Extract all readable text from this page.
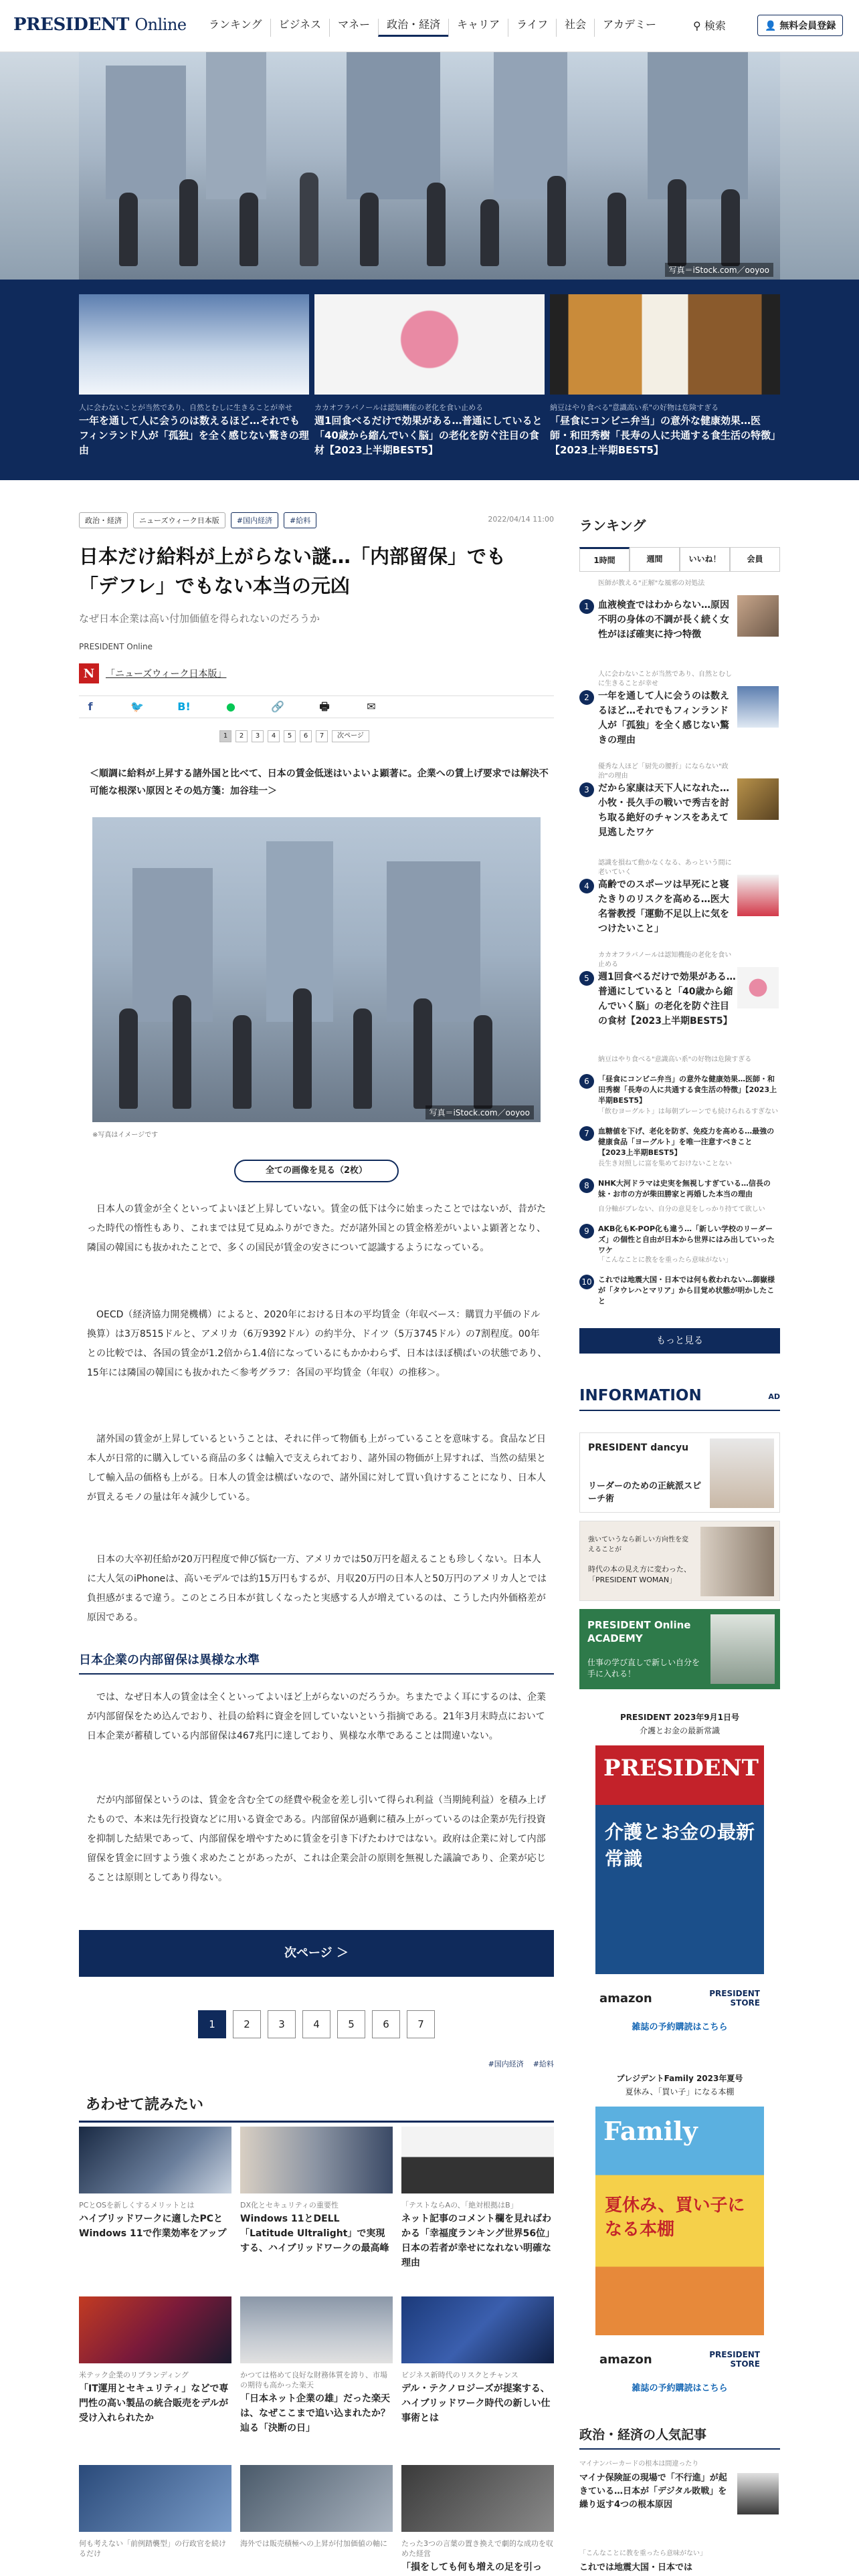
PRESIDENT Online	ランキング	ビジネス	マネー	政治・経済	キャリア	ライフ	社会	アカデミー	⚲ 検索	👤 無料会員登録
写真＝iStock.com／ooyoo
人に会わないことが当然であり、自然とむしに生きることが幸せ
一年を通して人に会うのは数えるほど…それでもフィンランド人が「孤独」を全く感じない驚きの理由
カカオフラバノールは認知機能の老化を食い止める
週1回食べるだけで効果がある…普通にしていると「40歳から縮んでいく脳」の老化を防ぐ注目の食材【2023上半期BEST5】
納豆はやり食べる"意識高い系"の好物は危険すぎる
「昼食にコンビニ弁当」の意外な健康効果…医師・和田秀樹「長寿の人に共通する食生活の特徴」【2023上半期BEST5】
政治・経済	ニューズウィーク日本版	#国内経済	#給料	2022/04/14 11:00
日本だけ給料が上がらない謎…「内部留保」でも
「デフレ」でもない本当の元凶
なぜ日本企業は高い付加価値を得られないのだろうか
PRESIDENT Online
N	「ニューズウィーク日本版」
f	🐦	B!	●	🔗	🖶	✉
1	2	3	4	5	6	7	次ページ
＜順調に給料が上昇する諸外国と比べて、日本の賃金低迷はいよいよ顕著に。企業への賃上げ要求では解決不可能な根深い原因とその処方箋：加谷珪一＞
写真＝iStock.com／ooyoo
※写真はイメージです
全ての画像を見る（2枚）
日本人の賃金が全くといってよいほど上昇していない。賃金の低下は今に始まったことではないが、昔がたった時代の惰性もあり、これまでは見て見ぬふりができた。だが諸外国との賃金格差がいよいよ顕著となり、隣国の韓国にも抜かれたことで、多くの国民が賃金の安さについて認識するようになっている。
OECD（経済協力開発機構）によると、2020年における日本の平均賃金（年収ベース：購買力平価のドル換算）は3万8515ドルと、アメリカ（6万9392ドル）の約半分、ドイツ（5万3745ドル）の7割程度。00年との比較では、各国の賃金が1.2倍から1.4倍になっているにもかかわらず、日本はほぼ横ばいの状態であり、15年には隣国の韓国にも抜かれた＜参考グラフ：各国の平均賃金（年収）の推移＞。
諸外国の賃金が上昇しているということは、それに伴って物価も上がっていることを意味する。食品など日本人が日常的に購入している商品の多くは輸入で支えられており、諸外国の物価が上昇すれば、当然の結果として輸入品の価格も上がる。日本人の賃金は横ばいなので、諸外国に対して買い負けすることになり、日本人が買えるモノの量は年々減少している。
日本の大卒初任給が20万円程度で伸び悩む一方、アメリカでは50万円を超えることも珍しくない。日本人に大人気のiPhoneは、高いモデルでは約15万円もするが、月収20万円の日本人と50万円のアメリカ人とでは負担感がまるで違う。このところ日本が貧しくなったと実感する人が増えているのは、こうした内外価格差が原因である。
日本企業の内部留保は異様な水準
では、なぜ日本人の賃金は全くといってよいほど上がらないのだろうか。ちまたでよく耳にするのは、企業が内部留保をため込んでおり、社員の給料に資金を回していないという指摘である。21年3月末時点において日本企業が蓄積している内部留保は467兆円に達しており、異様な水準であることは間違いない。
だが内部留保というのは、賃金を含む全ての経費や税金を差し引いて得られ利益（当期純利益）を積み上げたもので、本来は先行投資などに用いる資金である。内部留保が過剰に積み上がっているのは企業が先行投資を抑制した結果であって、内部留保を増やすために賃金を引き下げたわけではない。政府は企業に対して内部留保を賃金に回すよう強く求めたことがあったが、これは企業会計の原則を無視した議論であり、企業が応じることは原則としてあり得ない。
次ページ ＞
1	2	3	4	5	6	7
#国内経済 #給料
あわせて読みたい
PCとOSを新しくするメリットとは
ハイブリッドワークに適したPCとWindows 11で作業効率をアップ
DX化とセキュリティの重要性
Windows 11とDELL「Latitude Ultralight」で実現する、ハイブリッドワークの最高峰
「テストならAの、「絶対根拠はB」
ネット記事のコメント欄を見ればわかる「幸福度ランキング世界56位」日本の若者が幸せになれない明確な理由
米テック企業のリブランディング
「IT運用とセキュリティ」などで専門性の高い製品の統合販売をデルが受け入れられたか
かつては格めて良好な財務体質を誇り、市場の期待も高かった楽天
「日本ネット企業の雄」だった楽天は、なぜここまで追い込まれたか？辿る「決断の日」
ビジネス新時代のリスクとチャンス
デル・テクノロジーズが提案する、ハイブリッドワーク時代の新しい仕事術とは
何も考えない「前例踏襲型」の行政官を続けるだけ
海外では販売積極への上昇が付加価値の軸に	たった3つの言葉の置き換えで劇的な成功を収めた経営
「損をしても何も増えの足を引っ
ランキング
1時間	週間	いいね！	会員
1
医師が教える"正解"な風邪の対処法
血液検査ではわからない…原因不明の身体の不調が長く続く女性がほぼ確実に持つ特徴
2
人に会わないことが当然であり、自然とむしに生きることが幸せ
一年を通して人に会うのは数えるほど…それでもフィンランド人が「孤独」を全く感じない驚きの理由
3
優秀な人ほど「厨先の腰折」にならない"政治"の理由
だから家康は天下人になれた…小牧・長久手の戦いで秀吉を討ち取る絶好のチャンスをあえて見逃したワケ
4
認識を損ねて動かなくなる、あっという間に老いていく
高齢でのスポーツは早死にと寝たきりのリスクを高める…医大名誉教授「運動不足以上に気をつけたいこと」
5
カカオフラバノールは認知機能の老化を食い止める
週1回食べるだけで効果がある…普通にしていると「40歳から縮んでいく脳」の老化を防ぐ注目の食材【2023上半期BEST5】
6
納豆はやり食べる"意識高い系"の好物は危険すぎる
「昼食にコンビニ弁当」の意外な健康効果…医師・和田秀樹「長寿の人に共通する食生活の特徴」【2023上半期BEST5】
7
「飲むヨーグルト」は毎朝ブレーンでも続けられるすぎない
血糖値を下げ、老化を防ぎ、免疫力を高める…最強の健康食品「ヨーグルト」を唯一注意すべきこと【2023上半期BEST5】
8
長生き対照しに富を集めておけないことない
NHK大河ドラマは史実を無視しすぎている…信長の妹・お市の方が柴田勝家と再婚した本当の理由
9
自分軸がブレない、自分の意見をしっかり持てて欲しい
AKB化もK-POP化も違う…「新しい学校のリーダーズ」の個性と自由が日本から世界にはみ出していったワケ
10
「こんなことに教をを重ったら意味がない」
これでは地震大国・日本では何も救われない…御嶽様が「タウレハとマリア」から目覚め状態が明かしたこと
もっと見る
INFORMATION	AD
PRESIDENT dancyu
リーダーのための正統派スピーチ術
強いていうなら新しい方向性を変えることが
時代の本の見え方に変わった、「PRESIDENT WOMAN」
PRESIDENT Online ACADEMY
仕事の学び直しで新しい自分を手に入れる！
PRESIDENT 2023年9月1日号
介護とお金の最新常識
PRESIDENT
介護とお金の最新常識
amazon	PRESIDENT STORE
雑誌の予約購読はこちら
プレジデントFamily 2023年夏号
夏休み、「買い子」になる本棚
Family
夏休み、買い子になる本棚
amazon	PRESIDENT STORE
雑誌の予約購読はこちら
政治・経済の人気記事
マイナンバーカードの根本は間違ったり
マイナ保険証の現場で「不行進」が起きている…日本が「デジタル敗戦」を繰り返す4つの根本原因
「こんなことに教を重ったら意味がない」
これでは地震大国・日本では
